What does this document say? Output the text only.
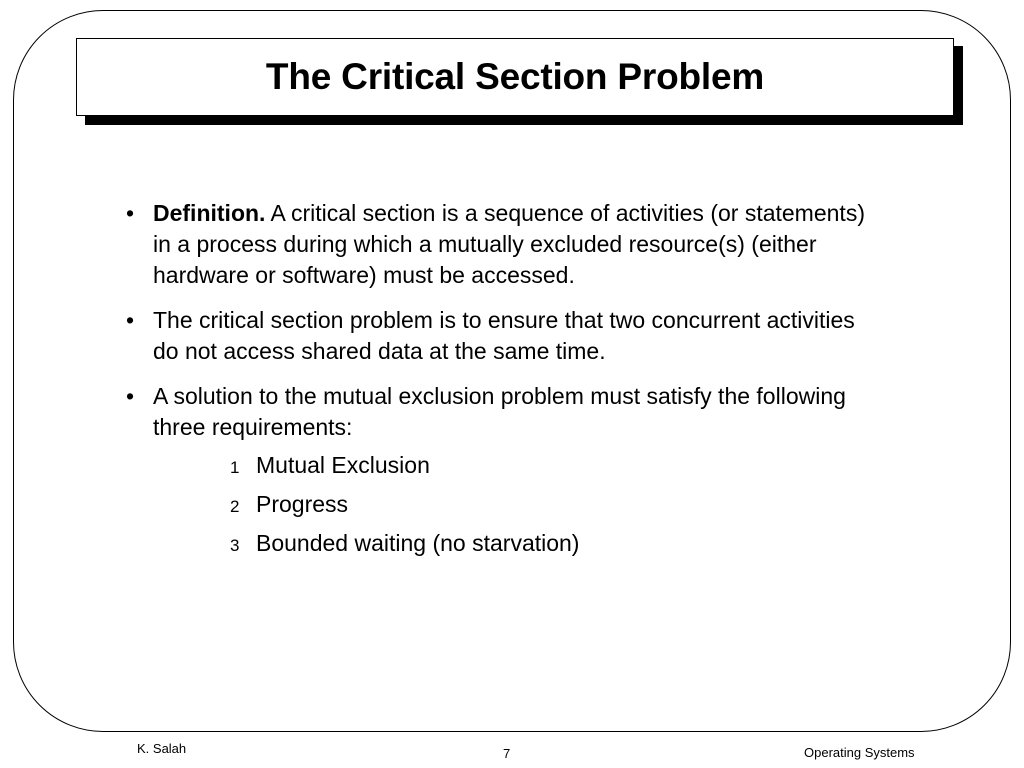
The Critical Section Problem
• Definition. A critical section is a sequence of activities (or statements) in a process during which a mutually excluded resource(s) (either hardware or software) must be accessed.
• The critical section problem is to ensure that two concurrent activities do not access shared data at the same time.
• A solution to the mutual exclusion problem must satisfy the following three requirements:
1 Mutual Exclusion
2 Progress
3 Bounded waiting (no starvation)
K. Salah	7	Operating Systems
